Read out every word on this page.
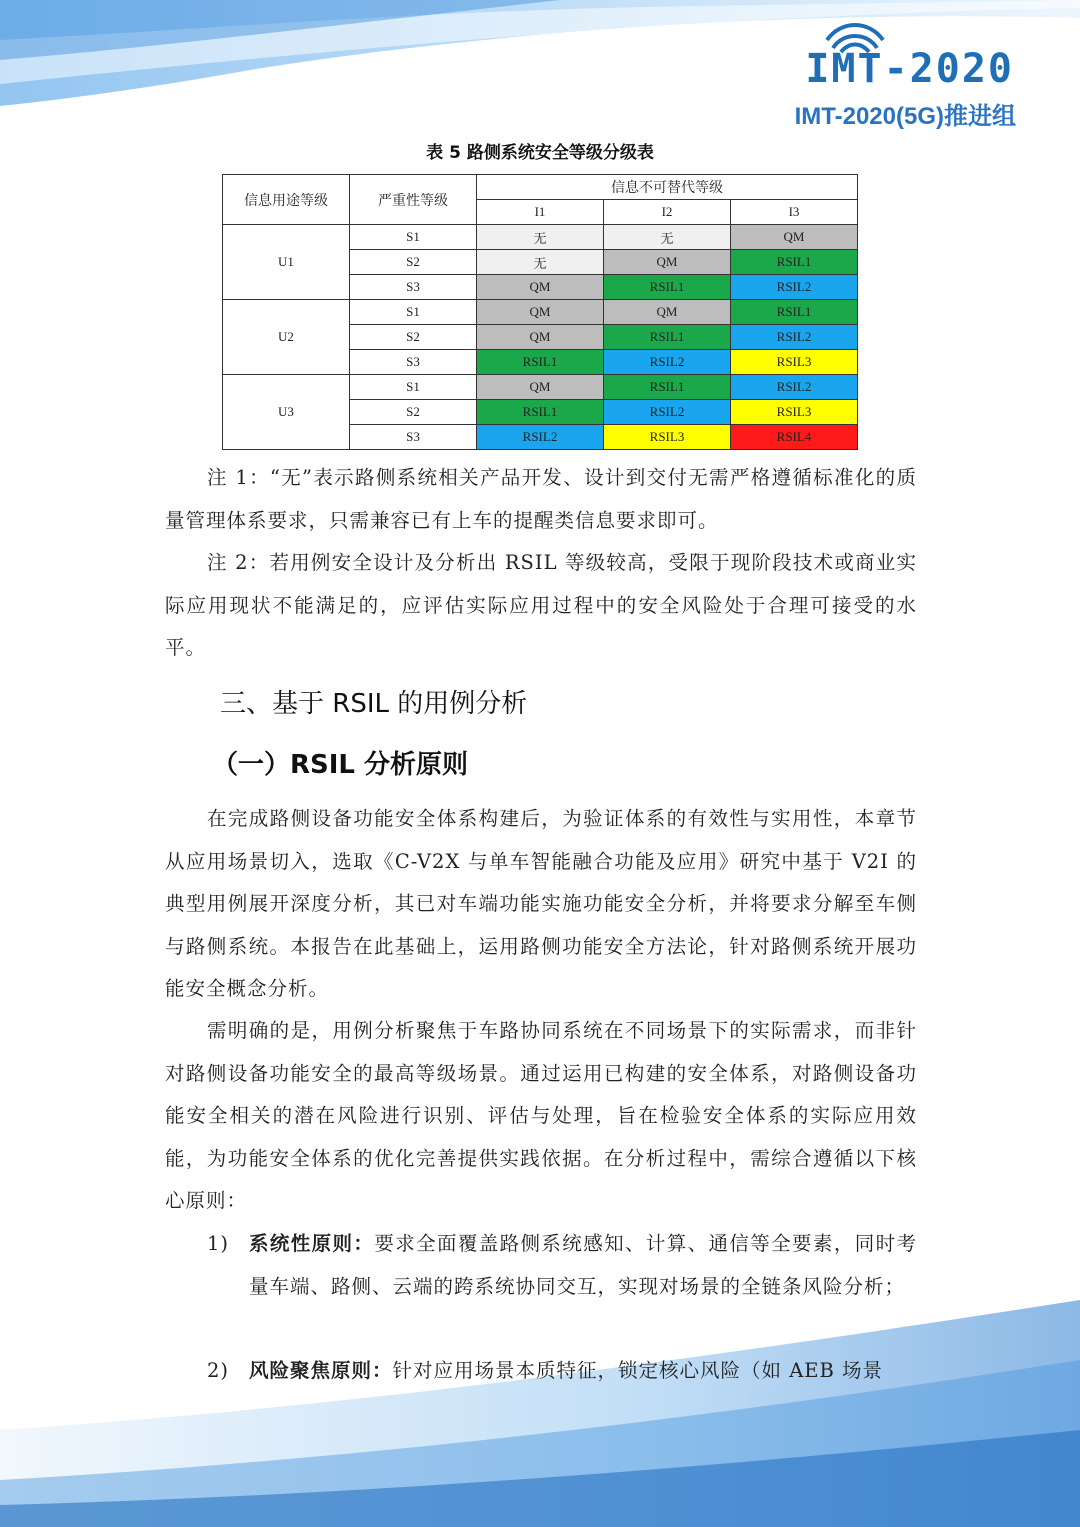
IMT-2020
IMT-2020(5G)推进组
表 5 路侧系统安全等级分级表
信息用途等级	严重性等级	信息不可替代等级		
		I1	I2	I3
U1	S1	无	无	QM
	S2	无	QM	RSIL1
	S3	QM	RSIL1	RSIL2
U2	S1	QM	QM	RSIL1
	S2	QM	RSIL1	RSIL2
	S3	RSIL1	RSIL2	RSIL3
U3	S1	QM	RSIL1	RSIL2
	S2	RSIL1	RSIL2	RSIL3
	S3	RSIL2	RSIL3	RSIL4
注 1：“无”表示路侧系统相关产品开发、设计到交付无需严格遵循标准化的质量管理体系要求，只需兼容已有上车的提醒类信息要求即可。
注 2：若用例安全设计及分析出 RSIL 等级较高，受限于现阶段技术或商业实际应用现状不能满足的，应评估实际应用过程中的安全风险处于合理可接受的水平。
三、基于 RSIL 的用例分析
（一）RSIL 分析原则
在完成路侧设备功能安全体系构建后，为验证体系的有效性与实用性，本章节从应用场景切入，选取《C-V2X 与单车智能融合功能及应用》研究中基于 V2I 的典型用例展开深度分析，其已对车端功能实施功能安全分析，并将要求分解至车侧与路侧系统。本报告在此基础上，运用路侧功能安全方法论，针对路侧系统开展功能安全概念分析。
需明确的是，用例分析聚焦于车路协同系统在不同场景下的实际需求，而非针对路侧设备功能安全的最高等级场景。通过运用已构建的安全体系，对路侧设备功能安全相关的潜在风险进行识别、评估与处理，旨在检验安全体系的实际应用效能，为功能安全体系的优化完善提供实践依据。在分析过程中，需综合遵循以下核心原则：
1) 系统性原则：要求全面覆盖路侧系统感知、计算、通信等全要素，同时考量车端、路侧、云端的跨系统协同交互，实现对场景的全链条风险分析；
2) 风险聚焦原则：针对应用场景本质特征，锁定核心风险（如 AEB 场景
